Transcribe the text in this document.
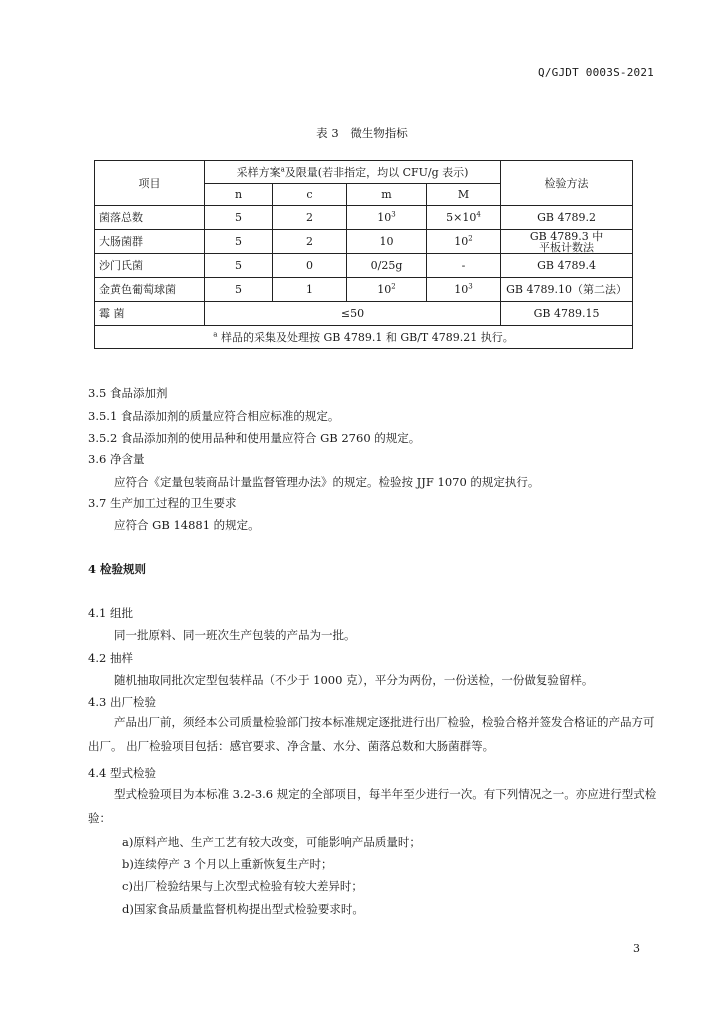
Q/GJDT 0003S-2021
表 3 微生物指标
项目	采样方案$^a$及限量(若非指定，均以 CFU/g 表示)				检验方法
	n	c	m	M	
菌落总数	5	2	$10^3$	$5\times 10^4$	GB 4789.2
大肠菌群	5	2	10	$10^2$	GB 4789.3 中
平板计数法
沙门氏菌	5	0	0/25g	-	GB 4789.4
金黄色葡萄球菌	5	1	$10^2$	$10^3$	GB 4789.10（第二法）
霉 菌	≤50				GB 4789.15
$^a$ 样品的采集及处理按 GB 4789.1 和 GB/T 4789.21 执行。					
3.5 食品添加剂
3.5.1 食品添加剂的质量应符合相应标准的规定。
3.5.2 食品添加剂的使用品种和使用量应符合 GB 2760 的规定。
3.6 净含量
应符合《定量包装商品计量监督管理办法》的规定。检验按 JJF 1070 的规定执行。
3.7 生产加工过程的卫生要求
应符合 GB 14881 的规定。
4 检验规则
4.1 组批
同一批原料、同一班次生产包装的产品为一批。
4.2 抽样
随机抽取同批次定型包装样品（不少于 1000 克），平分为两份，一份送检，一份做复验留样。
4.3 出厂检验
产品出厂前，须经本公司质量检验部门按本标准规定逐批进行出厂检验，检验合格并签发合格证的产品方可出厂。 出厂检验项目包括：感官要求、净含量、水分、菌落总数和大肠菌群等。
4.4 型式检验
型式检验项目为本标准 3.2-3.6 规定的全部项目，每半年至少进行一次。有下列情况之一。亦应进行型式检验：
a)原料产地、生产工艺有较大改变，可能影响产品质量时；
b)连续停产 3 个月以上重新恢复生产时；
c)出厂检验结果与上次型式检验有较大差异时；
d)国家食品质量监督机构提出型式检验要求时。
3
